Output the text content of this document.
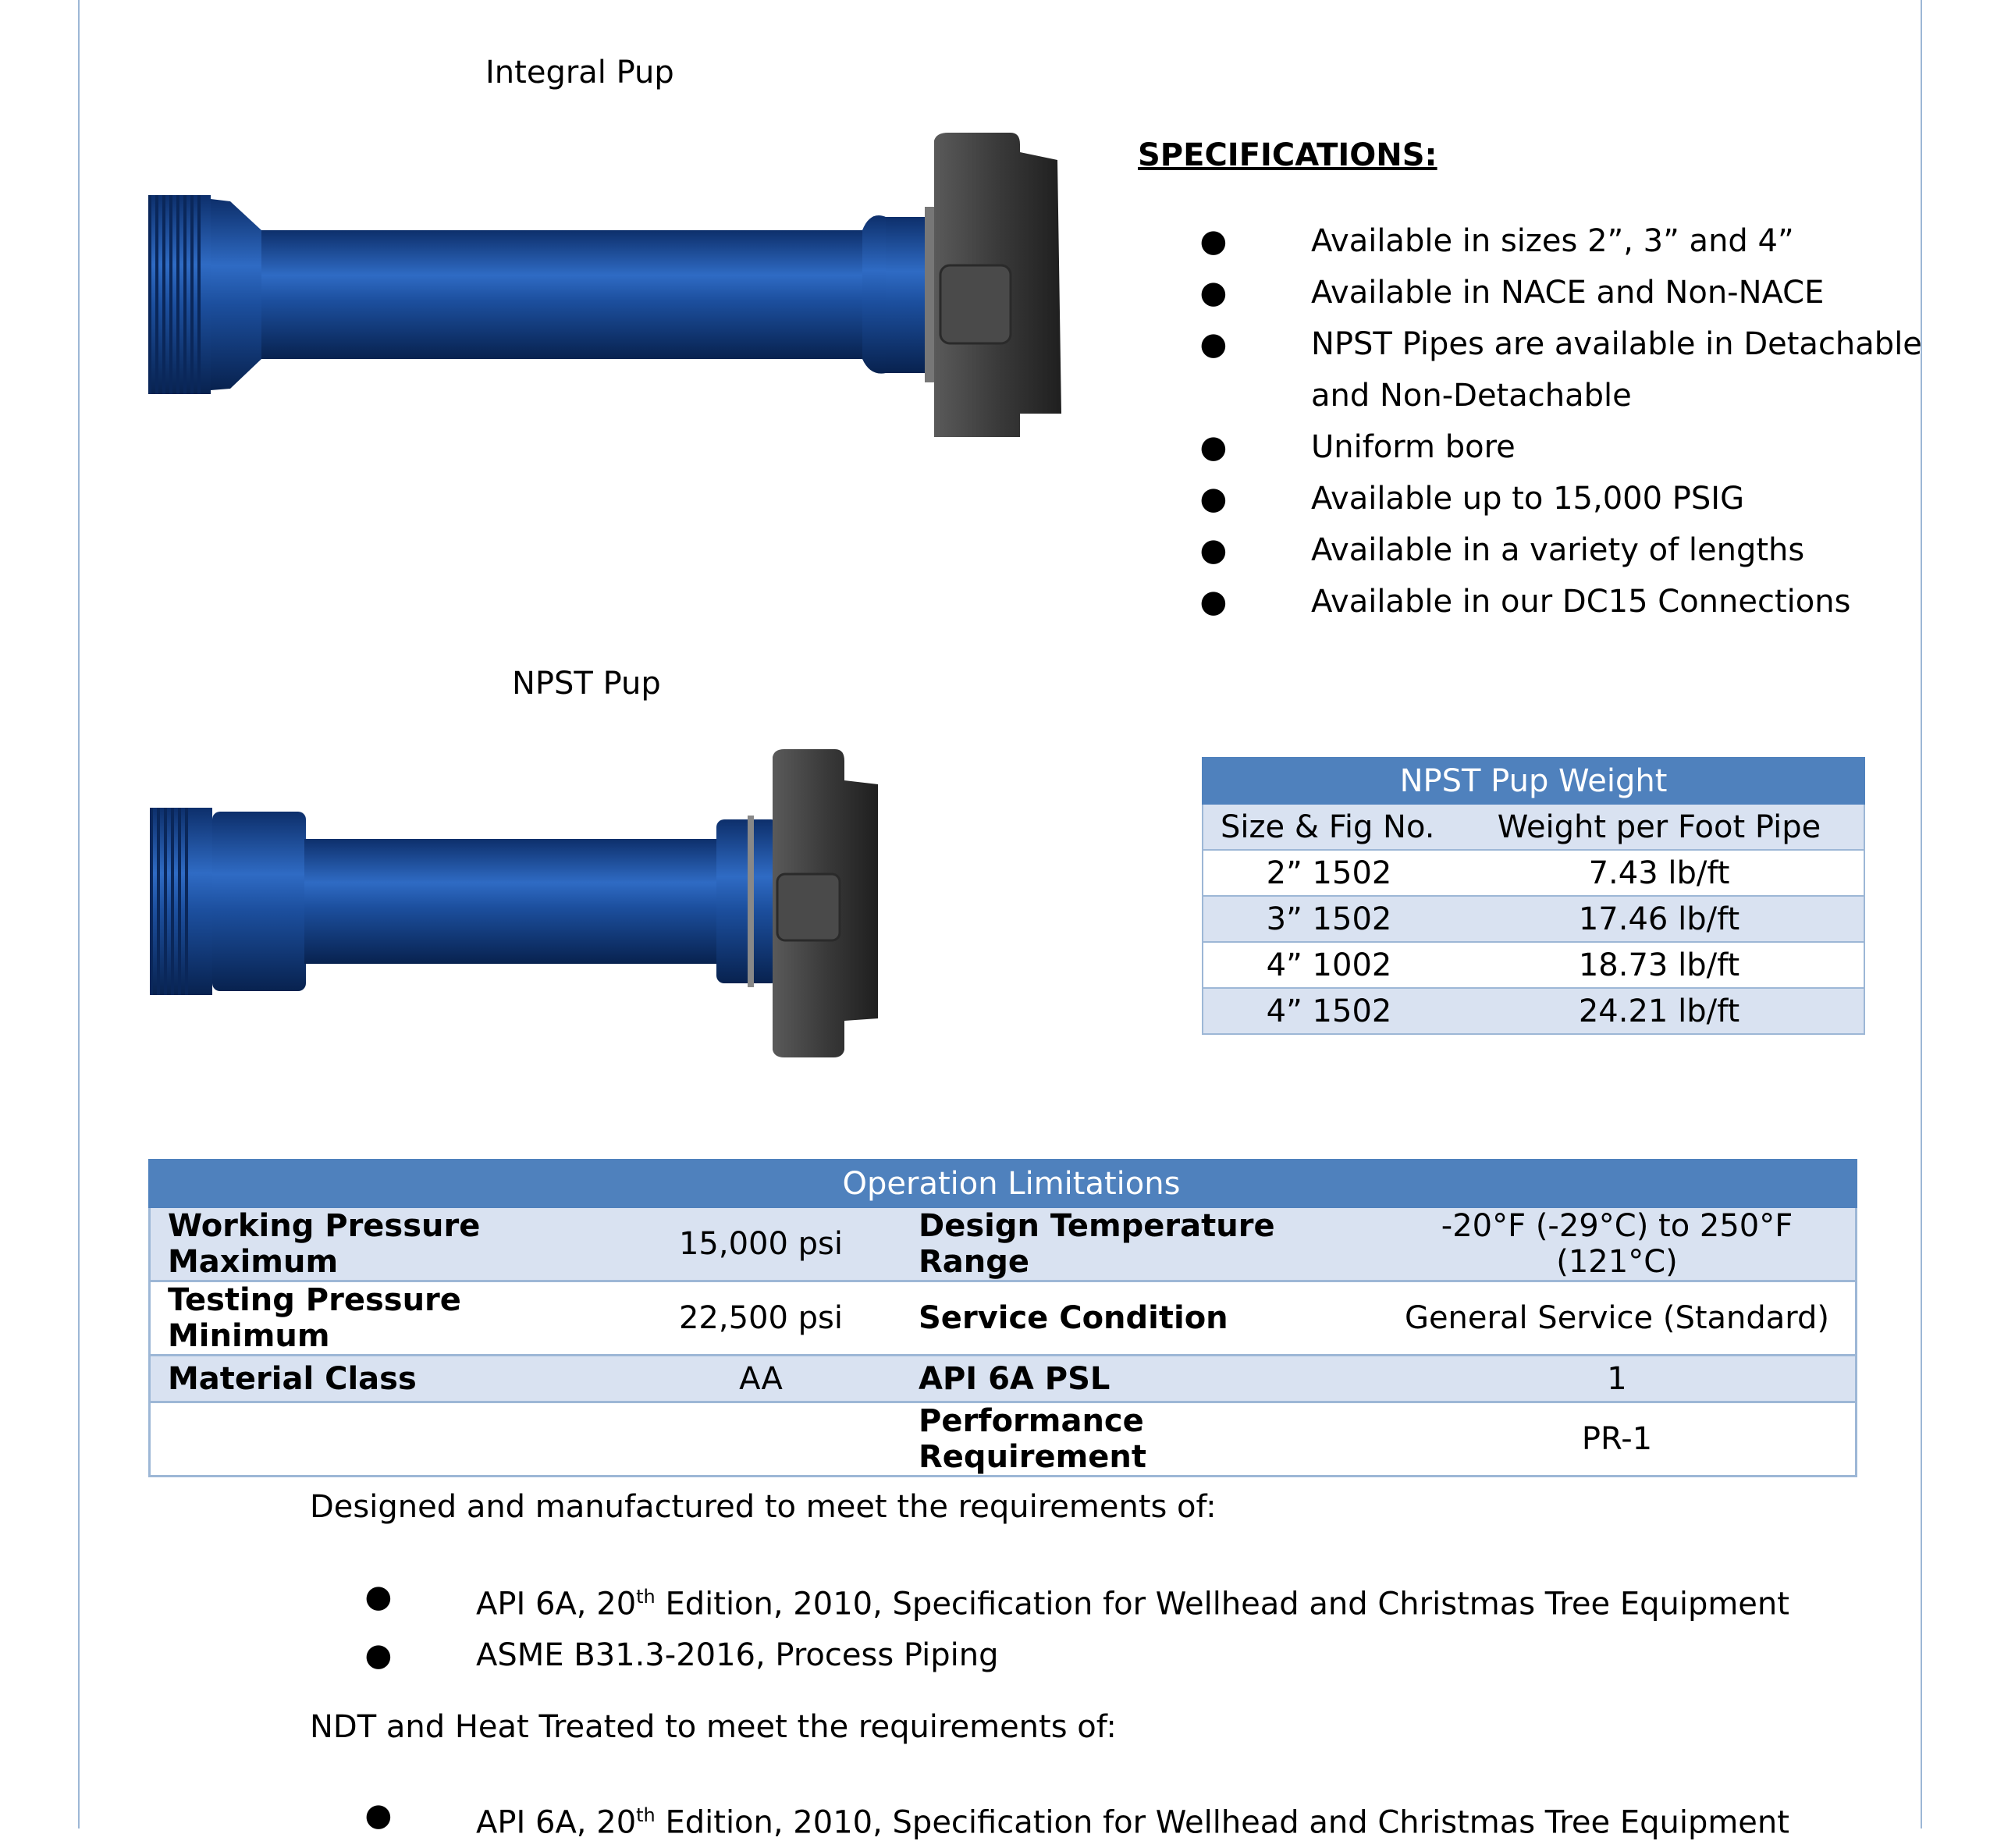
Integral Pup
SPECIFICATIONS:
●	Available in sizes 2”, 3” and 4”
●	Available in NACE and Non-NACE
●	NPST Pipes are available in Detachable
and Non-Detachable
●	Uniform bore
●	Available up to 15,000 PSIG
●	Available in a variety of lengths
●	Available in our DC15 Connections
NPST Pup
NPST Pup Weight	
Size & Fig No.	Weight per Foot Pipe
2” 1502	7.43 lb/ft
3” 1502	17.46 lb/ft
4” 1002	18.73 lb/ft
4” 1502	24.21 lb/ft
Operation Limitations			
Working Pressure Maximum	15,000 psi	Design Temperature Range	-20°F (-29°C) to 250°F (121°C)
Testing Pressure Minimum	22,500 psi	Service Condition	General Service (Standard)
Material Class	AA	API 6A PSL	1
		Performance Requirement	PR-1
Designed and manufactured to meet the requirements of:
●	API 6A, 20th Edition, 2010, Specification for Wellhead and Christmas Tree Equipment
●	ASME B31.3-2016, Process Piping
NDT and Heat Treated to meet the requirements of:
●	API 6A, 20th Edition, 2010, Specification for Wellhead and Christmas Tree Equipment
